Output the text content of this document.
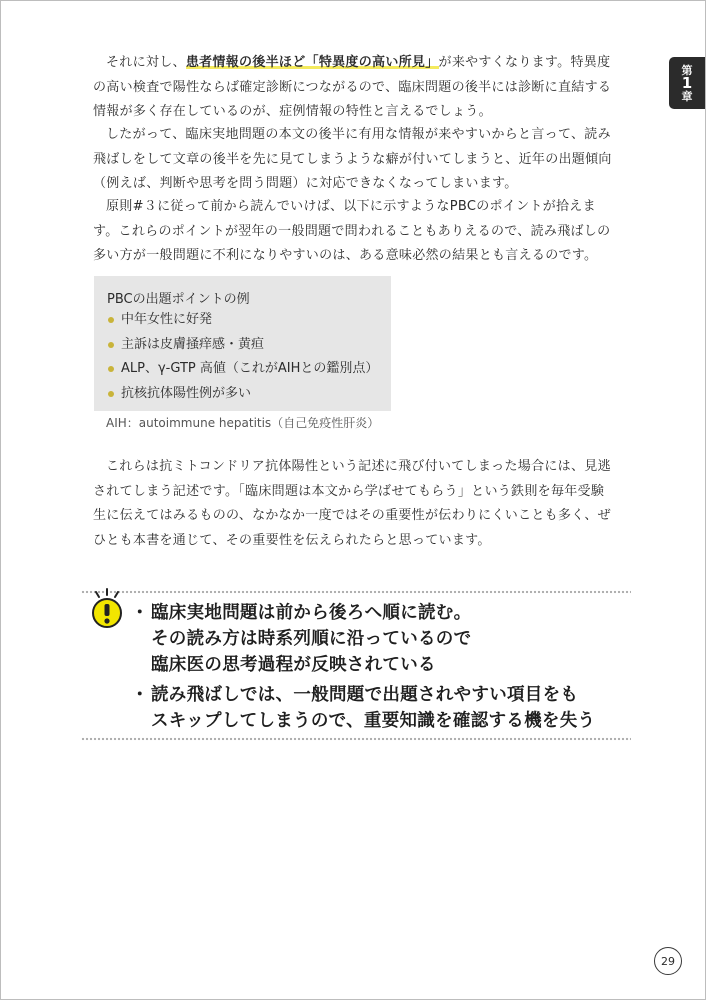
第
1
章

それに対し、患者情報の後半ほど「特異度の高い所見」が来やすくなります。特異度の高い検査で陽性ならば確定診断につながるので、臨床問題の後半には診断に直結する情報が多く存在しているのが、症例情報の特性と言えるでしょう。

したがって、臨床実地問題の本文の後半に有用な情報が来やすいからと言って、読み飛ばしをして文章の後半を先に見てしまうような癖が付いてしまうと、近年の出題傾向（例えば、判断や思考を問う問題）に対応できなくなってしまいます。

原則#３に従って前から読んでいけば、以下に示すようなPBCのポイントが拾えます。これらのポイントが翌年の一般問題で問われることもありえるので、読み飛ばしの多い方が一般問題に不利になりやすいのは、ある意味必然の結果とも言えるのです。

PBCの出題ポイントの例
中年女性に好発
主訴は皮膚掻痒感・黄疸
ALP、γ-GTP 高値（これがAIHとの鑑別点）
抗核抗体陽性例が多い
AIH：autoimmune hepatitis（自己免疫性肝炎）

これらは抗ミトコンドリア抗体陽性という記述に飛び付いてしまった場合には、見逃されてしまう記述です。「臨床問題は本文から学ばせてもらう」という鉄則を毎年受験生に伝えてはみるものの、なかなか一度ではその重要性が伝わりにくいことも多く、ぜひとも本書を通じて、その重要性を伝えられたらと思っています。

・ 臨床実地問題は前から後ろへ順に読む。
その読み方は時系列順に沿っているので
臨床医の思考過程が反映されている
・ 読み飛ばしでは、一般問題で出題されやすい項目をも
スキップしてしまうので、重要知識を確認する機を失う
29
